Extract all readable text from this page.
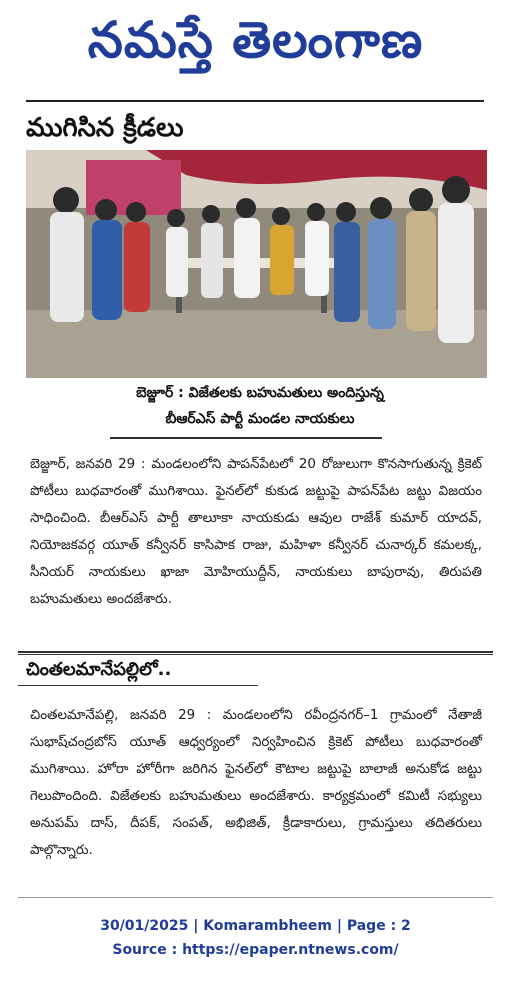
నమస్తే తెలంగాణ
ముగిసిన క్రీడలు
బెజ్జూర్ : విజేతలకు బహుమతులు అందిస్తున్న
బీఆర్ఎస్ పార్టీ మండల నాయకులు
బెజ్జూర్, జనవరి 29 : మండలంలోని పాపన్‌పేటలో 20 రోజులుగా కొనసాగుతున్న క్రికెట్ పోటీలు బుధవారంతో ముగిశాయి. ఫైనల్‌లో కుకుడ జట్టుపై పాపన్‌పేట జట్టు విజయం సాధించింది. బీఆర్ఎస్ పార్టీ తాలూకా నాయకుడు ఆవుల రాజేశ్ కుమార్ యాదవ్, నియోజకవర్గ యూత్ కన్వీనర్ కాసిపాక రాజు, మహిళా కన్వీనర్ చునార్కర్ కమలక్క, సీనియర్ నాయకులు ఖాజా మోహియుద్దీన్, నాయకులు బాపురావు, తిరుపతి బహుమతులు అందజేశారు.
చింతలమానేపల్లిలో..
చింతలమానేపల్లి, జనవరి 29 : మండలంలోని రవీంద్రనగర్–1 గ్రామంలో నేతాజీ సుభాష్‌చంద్రబోస్ యూత్ ఆధ్వర్యంలో నిర్వహించిన క్రికెట్ పోటీలు బుధవారంతో ముగిశాయి. హోరా హోరీగా జరిగిన ఫైనల్‌లో కౌటాల జట్టుపై బాలాజీ అనుకోడ జట్టు గెలుపొందింది. విజేతలకు బహుమతులు అందజేశారు. కార్యక్రమంలో కమిటీ సభ్యులు అనుపమ్ దాస్, దీపక్, సంపత్, అభిజిత్, క్రీడాకారులు, గ్రామస్తులు తదితరులు పాల్గొన్నారు.
30/01/2025 | Komarambheem | Page : 2
Source : https://epaper.ntnews.com/
